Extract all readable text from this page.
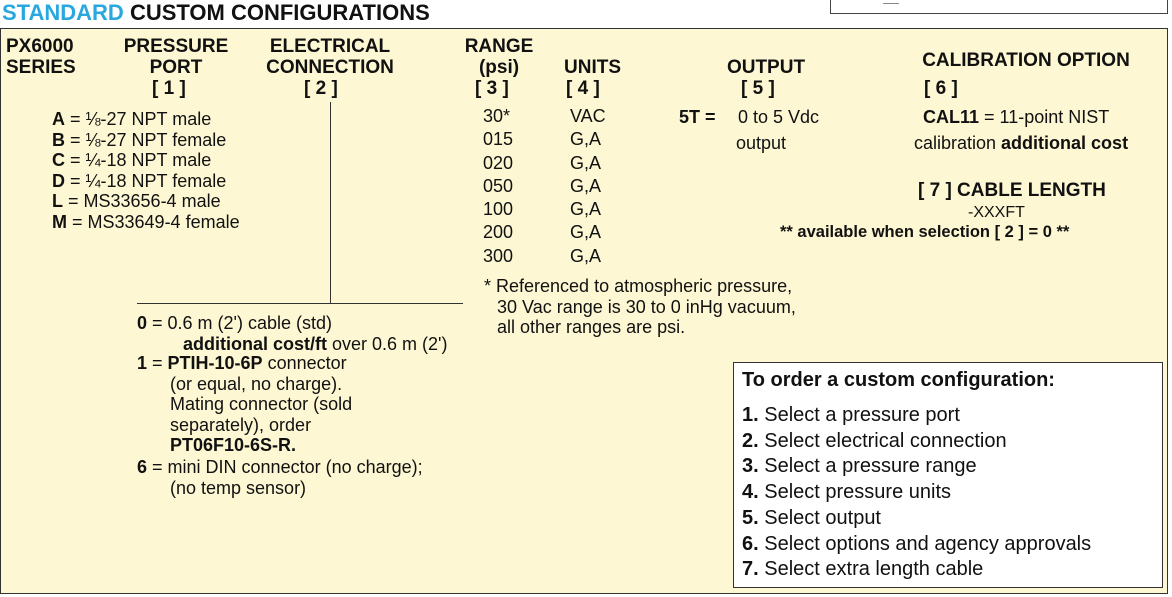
STANDARD CUSTOM CONFIGURATIONS
PX6000
SERIES
PRESSURE
PORT
[ 1 ]
ELECTRICAL
CONNECTION
[ 2 ]
RANGE
(psi)
[ 3 ]
UNITS
[ 4 ]
OUTPUT
[ 5 ]
CALIBRATION OPTION
[ 6 ]
A = ⅛-27 NPT male
B = ⅛-27 NPT female
C = ¼-18 NPT male
D = ¼-18 NPT female
L = MS33656-4 male
M = MS33649-4 female
30*
015
020
050
100
200
300
VAC
G,A
G,A
G,A
G,A
G,A
G,A
5T = 0 to 5 Vdc
output
CAL11 = 11-point NIST
calibration additional cost
[ 7 ] CABLE LENGTH
-XXXFT
** available when selection [ 2 ] = 0 **
* Referenced to atmospheric pressure,
30 Vac range is 30 to 0 inHg vacuum,
all other ranges are psi.
0 = 0.6 m (2') cable (std)
additional cost/ft over 0.6 m (2')
1 = PTIH-10-6P connector
(or equal, no charge).
Mating connector (sold
separately), order
PT06F10-6S-R.
6 = mini DIN connector (no charge);
(no temp sensor)
To order a custom configuration:
1. Select a pressure port
2. Select electrical connection
3. Select a pressure range
4. Select pressure units
5. Select output
6. Select options and agency approvals
7. Select extra length cable
